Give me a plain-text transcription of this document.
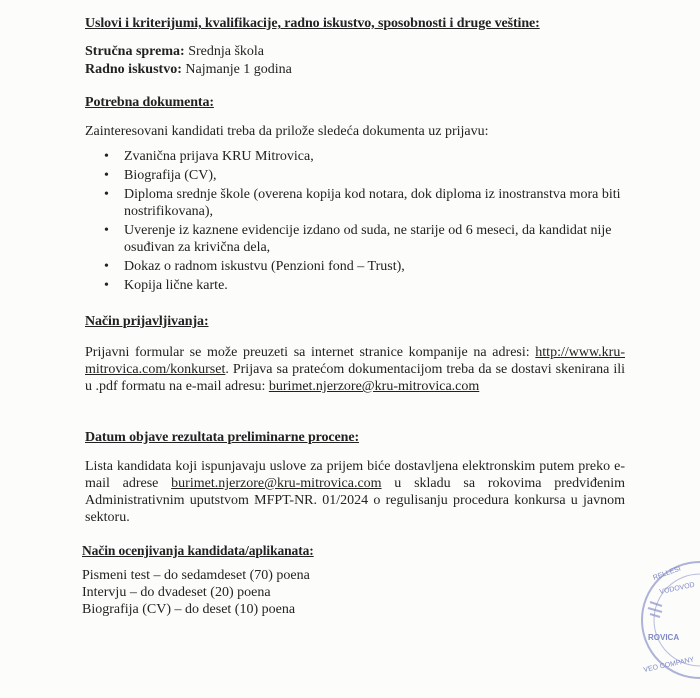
Uslovi i kriterijumi, kvalifikacije, radno iskustvo, sposobnosti i druge veštine:
Stručna sprema: Srednja škola
Radno iskustvo: Najmanje 1 godina
Potrebna dokumenta:
Zainteresovani kandidati treba da prilože sledeća dokumenta uz prijavu:
• Zvanična prijava KRU Mitrovica,
• Biografija (CV),
• Diploma srednje škole (overena kopija kod notara, dok diploma iz inostranstva mora biti nostrifikovana),
• Uverenje iz kaznene evidencije izdano od suda, ne starije od 6 meseci, da kandidat nije osuđivan za krivična dela,
• Dokaz o radnom iskustvu (Penzioni fond – Trust),
• Kopija lične karte.
Način prijavljivanja:
Prijavni formular se može preuzeti sa internet stranice kompanije na adresi: http://www.kru-mitrovica.com/konkurset. Prijava sa pratećom dokumentacijom treba da se dostavi skenirana ili u .pdf formatu na e-mail adresu: burimet.njerzore@kru-mitrovica.com
Datum objave rezultata preliminarne procene:
Lista kandidata koji ispunjavaju uslove za prijem biće dostavljena elektronskim putem preko e-mail adrese burimet.njerzore@kru-mitrovica.com u skladu sa rokovima predviđenim Administrativnim uputstvom MFPT-NR. 01/2024 o regulisanju procedura konkursa u javnom sektoru.
Način ocenjivanja kandidata/aplikanata:
Pismeni test – do sedamdeset (70) poena
Intervju – do dvadeset (20) poena
Biografija (CV) – do deset (10) poena
RELLESI
VODOVOD
ROVICA
VEO COMPANY
